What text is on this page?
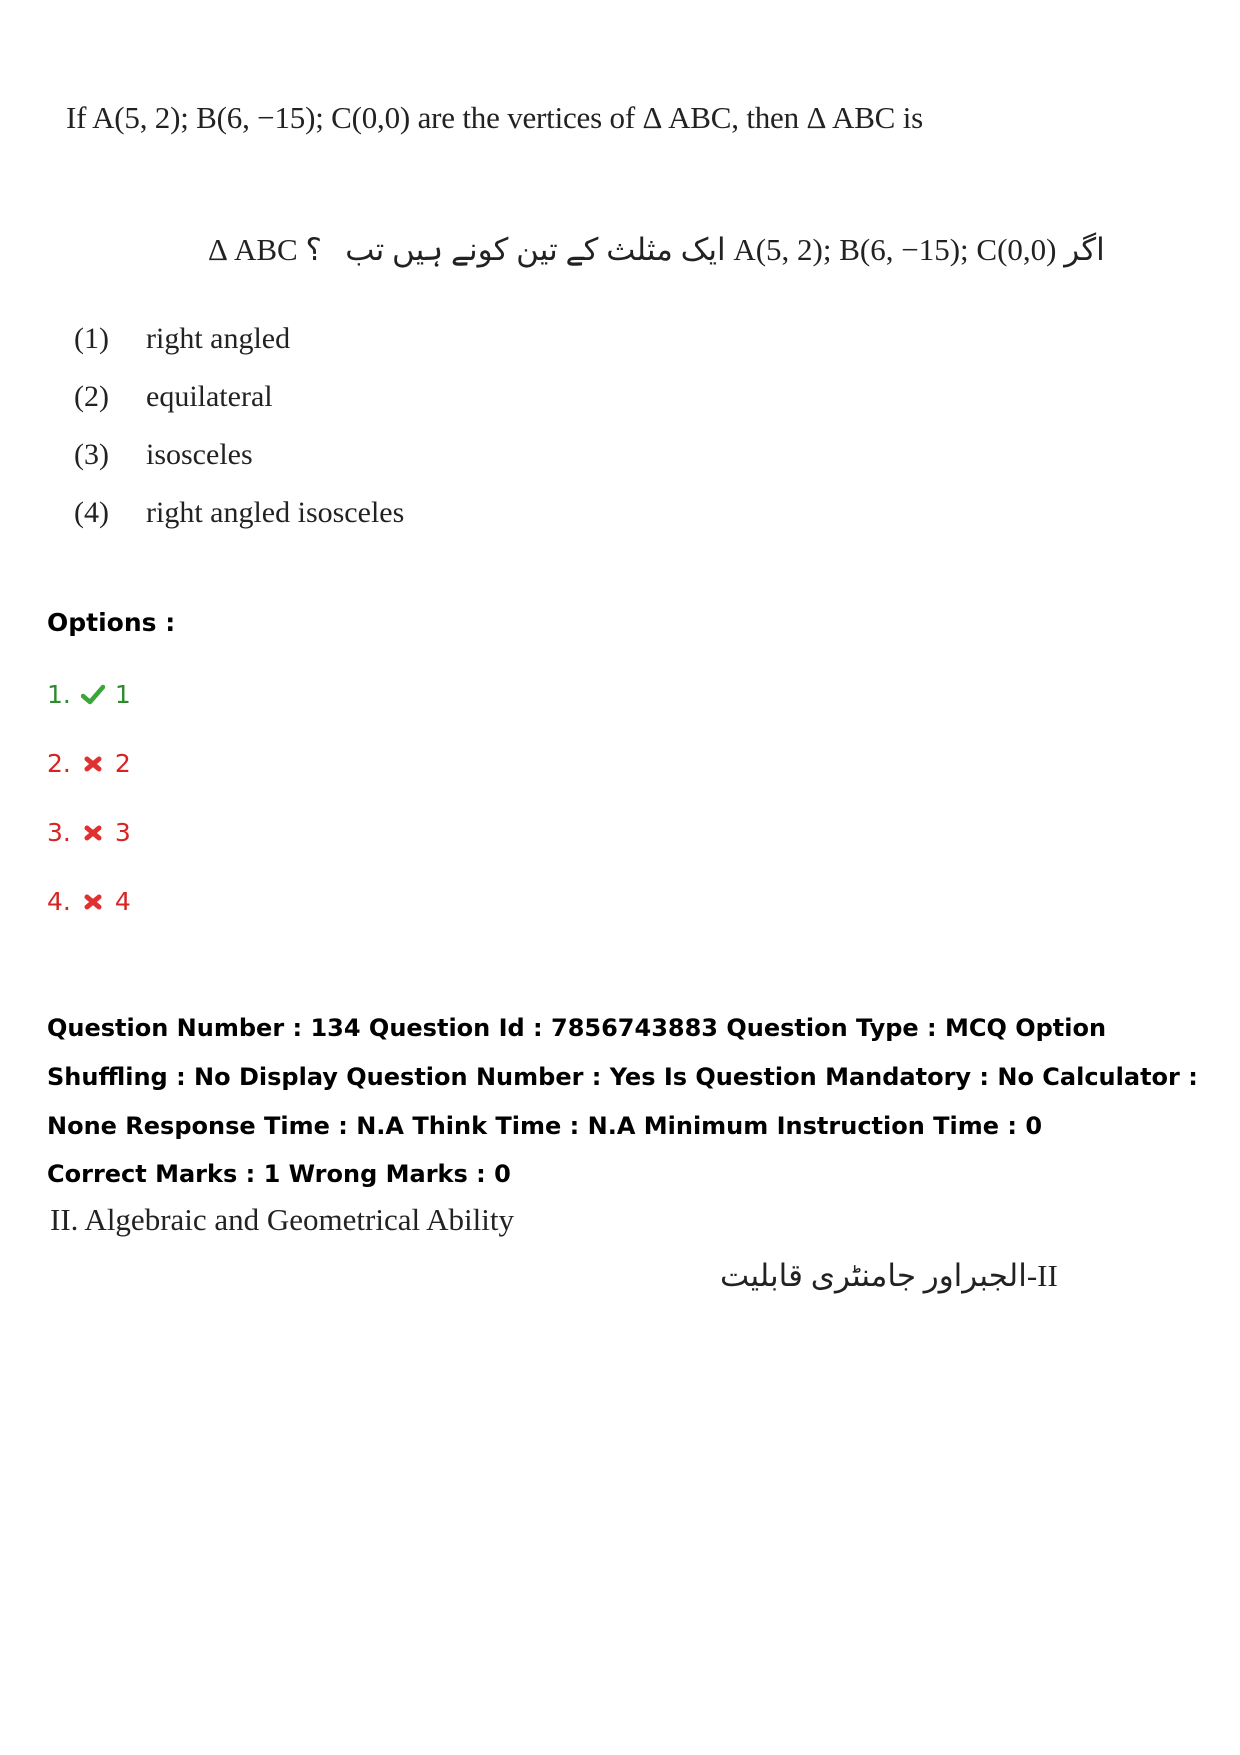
If A(5, 2); B(6, −15); C(0,0) are the vertices of Δ ABC, then Δ ABC is
Δ ABC ؟ ایک مثلث کے تین کونے ہیں تب A(5, 2); B(6, −15); C(0,0) اگر
(1) right angled
(2) equilateral
(3) isosceles
(4) right angled isosceles
Options :
1. 1
2. 2
3. 3
4. 4
Question Number : 134 Question Id : 7856743883 Question Type : MCQ Option Shuffling : No Display Question Number : Yes Is Question Mandatory : No Calculator : None Response Time : N.A Think Time : N.A Minimum Instruction Time : 0
Correct Marks : 1 Wrong Marks : 0
II. Algebraic and Geometrical Ability
II-الجبراور جامنٹری قابلیت
